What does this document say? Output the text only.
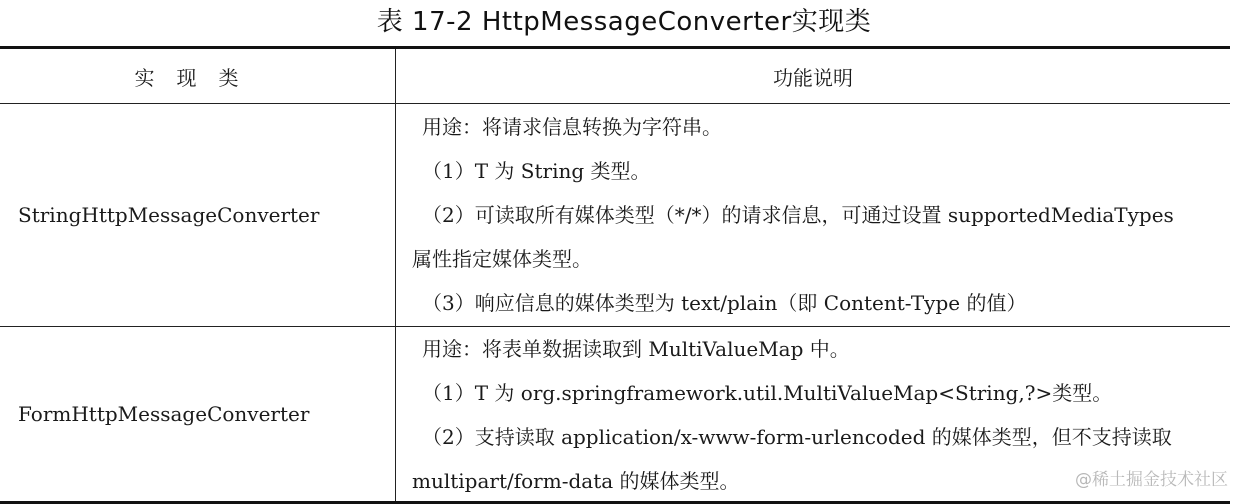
表 17-2 HttpMessageConverter实现类
实现类	功能说明
StringHttpMessageConverter
用途：将请求信息转换为字符串。
（1）T 为 String 类型。
（2）可读取所有媒体类型（*/*）的请求信息，可通过设置 supportedMediaTypes
属性指定媒体类型。
（3）响应信息的媒体类型为 text/plain（即 Content-Type 的值）
FormHttpMessageConverter
用途：将表单数据读取到 MultiValueMap 中。
（1）T 为 org.springframework.util.MultiValueMap<String,?>类型。
（2）支持读取 application/x-www-form-urlencoded 的媒体类型，但不支持读取
multipart/form-data 的媒体类型。	@稀土掘金技术社区
